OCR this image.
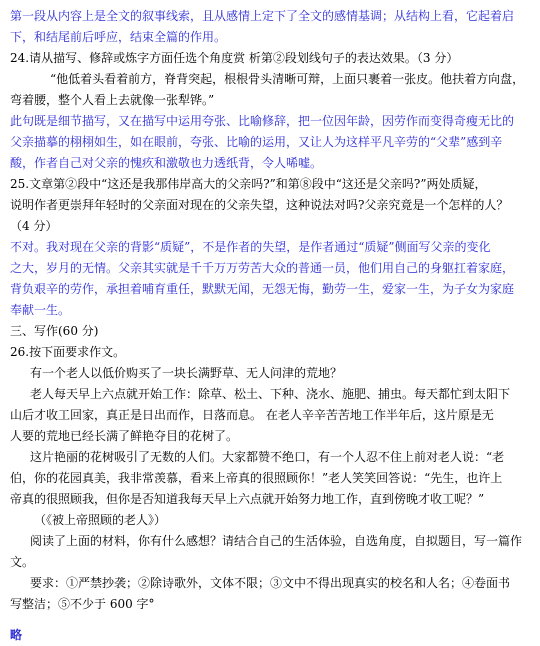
第一段从内容上是全文的叙事线索，且从感情上定下了全文的感情基调；从结构上看，它起着启
下，和结尾前后呼应，结束全篇的作用。
24.请从描写、修辞或炼字方面任选个角度赏 析第②段划线句子的表达效果。（3 分）
“他低着头看着前方，脊背突起，根根骨头清晰可辩，上面只裹着一张皮。他扶着方向盘，
弯着腰，整个人看上去就像一张犁铧。”
此句既是细节描写，又在描写中运用夸张、比喻修辞，把一位因年龄，因劳作而变得奇瘦无比的
父亲描摹的栩栩如生，如在眼前，夸张、比喻的运用，又让人为这样平凡辛劳的“父辈”感到辛
酸，作者自己对父亲的愧疚和激敬也力透纸背，令人唏嘘。
25.文章第②段中“这还是我那伟岸高大的父亲吗?”和第⑧段中“这还是父亲吗?”两处质疑，
说明作者更崇拜年轻时的父亲面对现在的父亲失望，这种说法对吗?父亲究竟是一个怎样的人？
（4 分）
不对。我对现在父亲的背影“质疑”，不是作者的失望，是作者通过“质疑”侧面写父亲的变化
之大，岁月的无情。父亲其实就是千千万万劳苦大众的普通一员，他们用自己的身躯扛着家庭，
背负艰辛的劳作，承担着哺育重任，默默无闻，无怨无悔，勤劳一生，爱家一生，为子女为家庭
奉献一生。
三、写作(60 分)
26.按下面要求作文。
有一个老人以低价购买了一块长满野草、无人问津的荒地？
老人每天早上六点就开始工作：除草、松土、下种、浇水、施肥、捕虫。每天都忙到太阳下
山后才收工回家，真正是日出而作，日落而息。 在老人辛辛苦苦地工作半年后，这片原是无
人要的荒地已经长满了鲜艳夺目的花树了。
这片艳丽的花树吸引了无数的人们。大家都赞不绝口，有一个人忍不住上前对老人说：“老
伯，你的花园真美，我非常羡慕，看来上帝真的很照顾你！”老人笑笑回答说：“先生，也许上
帝真的很照顾我，但你是否知道我每天早上六点就开始努力地工作，直到傍晚才收工呢？”
（《被上帝照顾的老人》）
阅读了上面的材料，你有什么感想？请结合自己的生活体验，自选角度，自拟题目，写一篇作
文。
要求：①严禁抄袭；②除诗歌外，文体不限；③文中不得出现真实的校名和人名；④卷面书
写整洁；⑤不少于 600 字°
略
